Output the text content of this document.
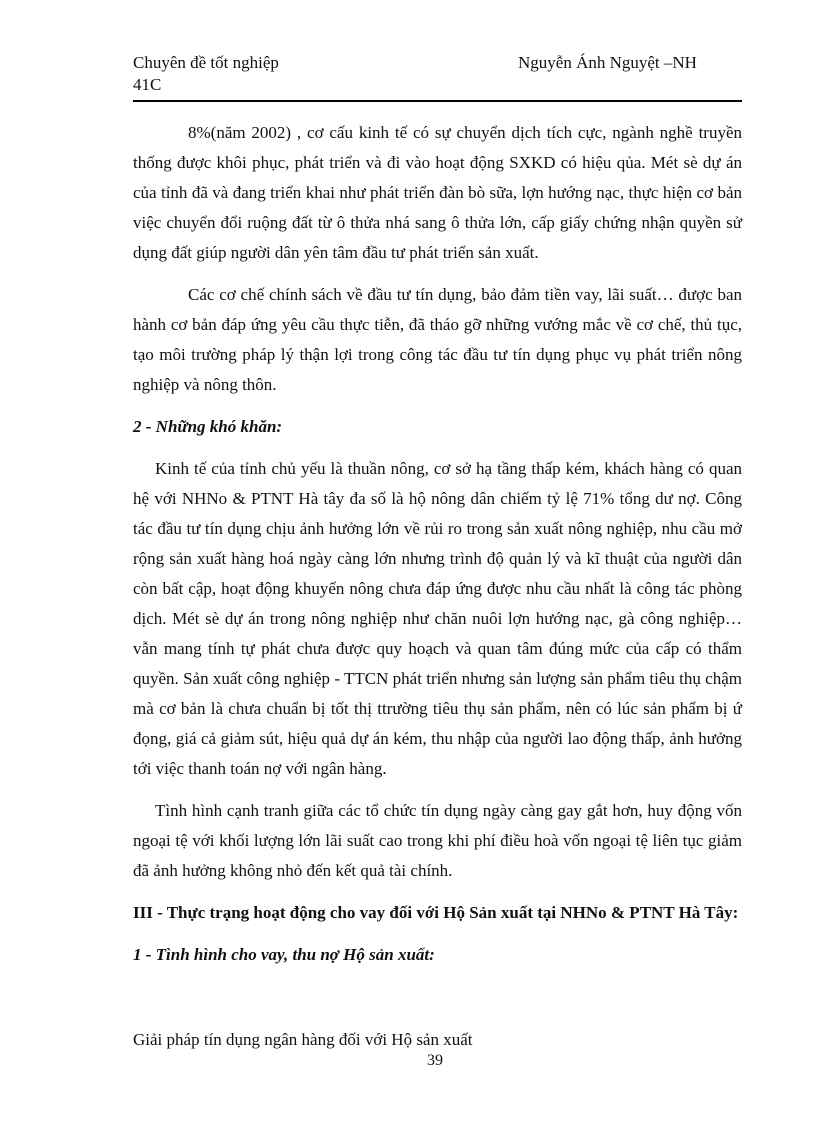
Chuyên đề tốt nghiệp
41C
Nguyễn Ánh Nguyệt –NH

8%(năm 2002) , cơ cấu kinh tế có sự chuyển dịch tích cực, ngành nghề truyền thống được khôi phục, phát triển và đi vào hoạt động SXKD có hiệu qủa. Mét sè dự án của tỉnh đã và đang triển khai như phát triển đàn bò sữa, lợn hướng nạc, thực hiện cơ bản việc chuyển đổi ruộng đất từ ô thửa nhá sang ô thửa lớn, cấp giấy chứng nhận quyền sử dụng đất giúp người dân yên tâm đầu tư phát triển sản xuất.

Các cơ chế chính sách về đầu tư tín dụng, bảo đảm tiền vay, lãi suất… được ban hành cơ bản đáp ứng yêu cầu thực tiễn, đã tháo gỡ những vướng mắc về cơ chế, thủ tục, tạo môi trường pháp lý thận lợi trong công tác đầu tư tín dụng phục vụ phát triển nông nghiệp và nông thôn.

2 - Những khó khăn:

Kinh tế của tỉnh chủ yếu là thuần nông, cơ sở hạ tầng thấp kém, khách hàng có quan hệ với NHNo & PTNT Hà tây đa số là hộ nông dân chiếm tỷ lệ 71% tổng dư nợ. Công tác đầu tư tín dụng chịu ảnh hưởng lớn về rủi ro trong sản xuất nông nghiệp, nhu cầu mở rộng sản xuất hàng hoá ngày càng lớn nhưng trình độ quản lý và kĩ thuật của người dân còn bất cập, hoạt động khuyến nông chưa đáp ứng được nhu cầu nhất là công tác phòng dịch. Mét sè dự án trong nông nghiệp như chăn nuôi lợn hướng nạc, gà công nghiệp…vẫn mang tính tự phát chưa được quy hoạch và quan tâm đúng mức của cấp có thẩm quyền. Sản xuất công nghiệp - TTCN phát triển nhưng sản lượng sản phẩm tiêu thụ chậm mà cơ bản là chưa chuẩn bị tốt thị ttrường tiêu thụ sản phẩm, nên có lúc sản phẩm bị ứ đọng, giá cả giảm sút, hiệu quả dự án kém, thu nhập của người lao động thấp, ảnh hưởng tới việc thanh toán nợ với ngân hàng.

Tình hình cạnh tranh giữa các tổ chức tín dụng ngày càng gay gắt hơn, huy động vốn ngoại tệ với khối lượng lớn lãi suất cao trong khi phí điều hoà vốn ngoại tệ liên tục giảm đã ảnh hưởng không nhỏ đến kết quả tài chính.

III - Thực trạng hoạt động cho vay đối với Hộ Sản xuất tại NHNo & PTNT Hà Tây:

1 - Tình hình cho vay, thu nợ Hộ sản xuất:

Giải pháp tín dụng ngân hàng đối với Hộ sản xuất
39
